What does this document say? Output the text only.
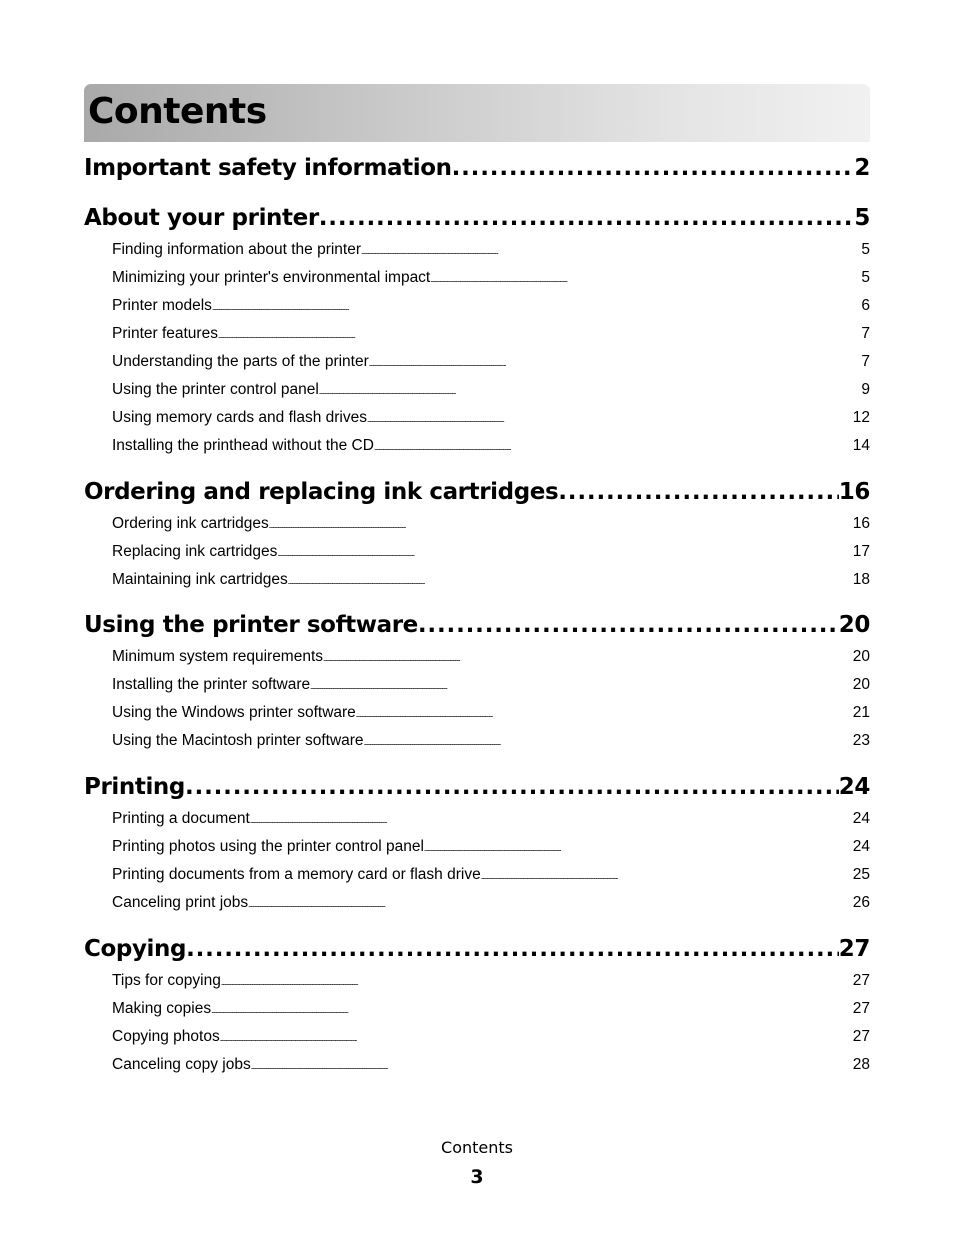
Contents
Important safety information . . .	2
About your printer . . .	5
Finding information about the printer . . .	5
Minimizing your printer's environmental impact . . .	5
Printer models . . .	6
Printer features . . .	7
Understanding the parts of the printer . . .	7
Using the printer control panel . . .	9
Using memory cards and flash drives . . .	12
Installing the printhead without the CD . . .	14
Ordering and replacing ink cartridges . . .	16
Ordering ink cartridges . . .	16
Replacing ink cartridges . . .	17
Maintaining ink cartridges . . .	18
Using the printer software . . .	20
Minimum system requirements . . .	20
Installing the printer software . . .	20
Using the Windows printer software . . .	21
Using the Macintosh printer software . . .	23
Printing . . .	24
Printing a document . . .	24
Printing photos using the printer control panel . . .	24
Printing documents from a memory card or flash drive . . .	25
Canceling print jobs . . .	26
Copying . . .	27
Tips for copying . . .	27
Making copies . . .	27
Copying photos . . .	27
Canceling copy jobs . . .	28
Contents
3
